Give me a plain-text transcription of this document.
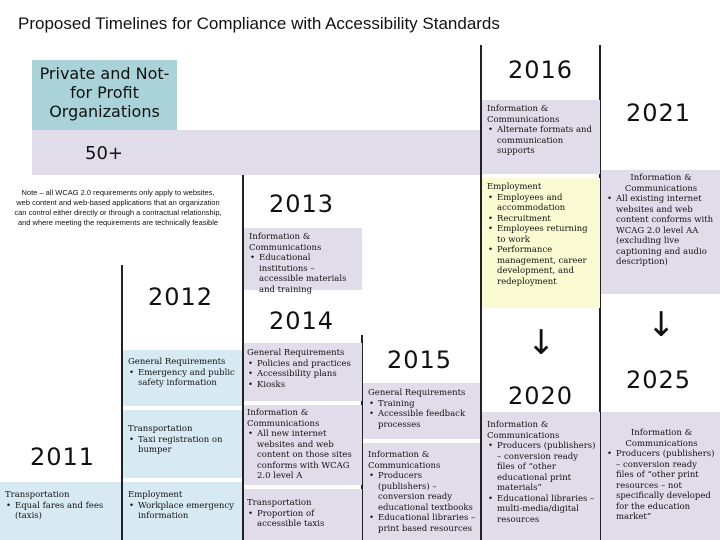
Proposed Timelines for Compliance with Accessibility Standards
Private and Not-for Profit Organizations
50+
Note – all WCAG 2.0 requirements only apply to websites, web content and web-based applications that an organization can control either directly or through a contractual relationship, and where meeting the requirements are technically feasible
2016
2021
2013
2012
2014
2015
2020
2025
2011
↓	↓
Information & Communications
• Alternate formats and communication supports
Employment
• Employees and accommodation
• Recruitment
• Employees returning to work
• Performance management, career development, and redeployment
Information & Communications
• All existing internet websites and web content conforms with WCAG 2.0 level AA (excluding live captioning and audio description)
Information & Communications
• Educational institutions – accessible materials and training
General Requirements
• Emergency and public safety information
Transportation
• Taxi registration on bumper
Employment
• Workplace emergency information
Transportation
• Equal fares and fees (taxis)
General Requirements
• Policies and practices
• Accessibility plans
• Kiosks
Information & Communications
• All new internet websites and web content on those sites conforms with WCAG 2.0 level A
Transportation
• Proportion of accessible taxis
General Requirements
• Training
• Accessible feedback processes
Information & Communications
• Producers (publishers) – conversion ready educational textbooks
• Educational libraries – print based resources
Information & Communications
• Producers (publishers) – conversion ready files of “other educational print materials”
• Educational libraries – multi-media/digital resources
Information & Communications
• Producers (publishers) – conversion ready files of “other print resources – not specifically developed for the education market”
